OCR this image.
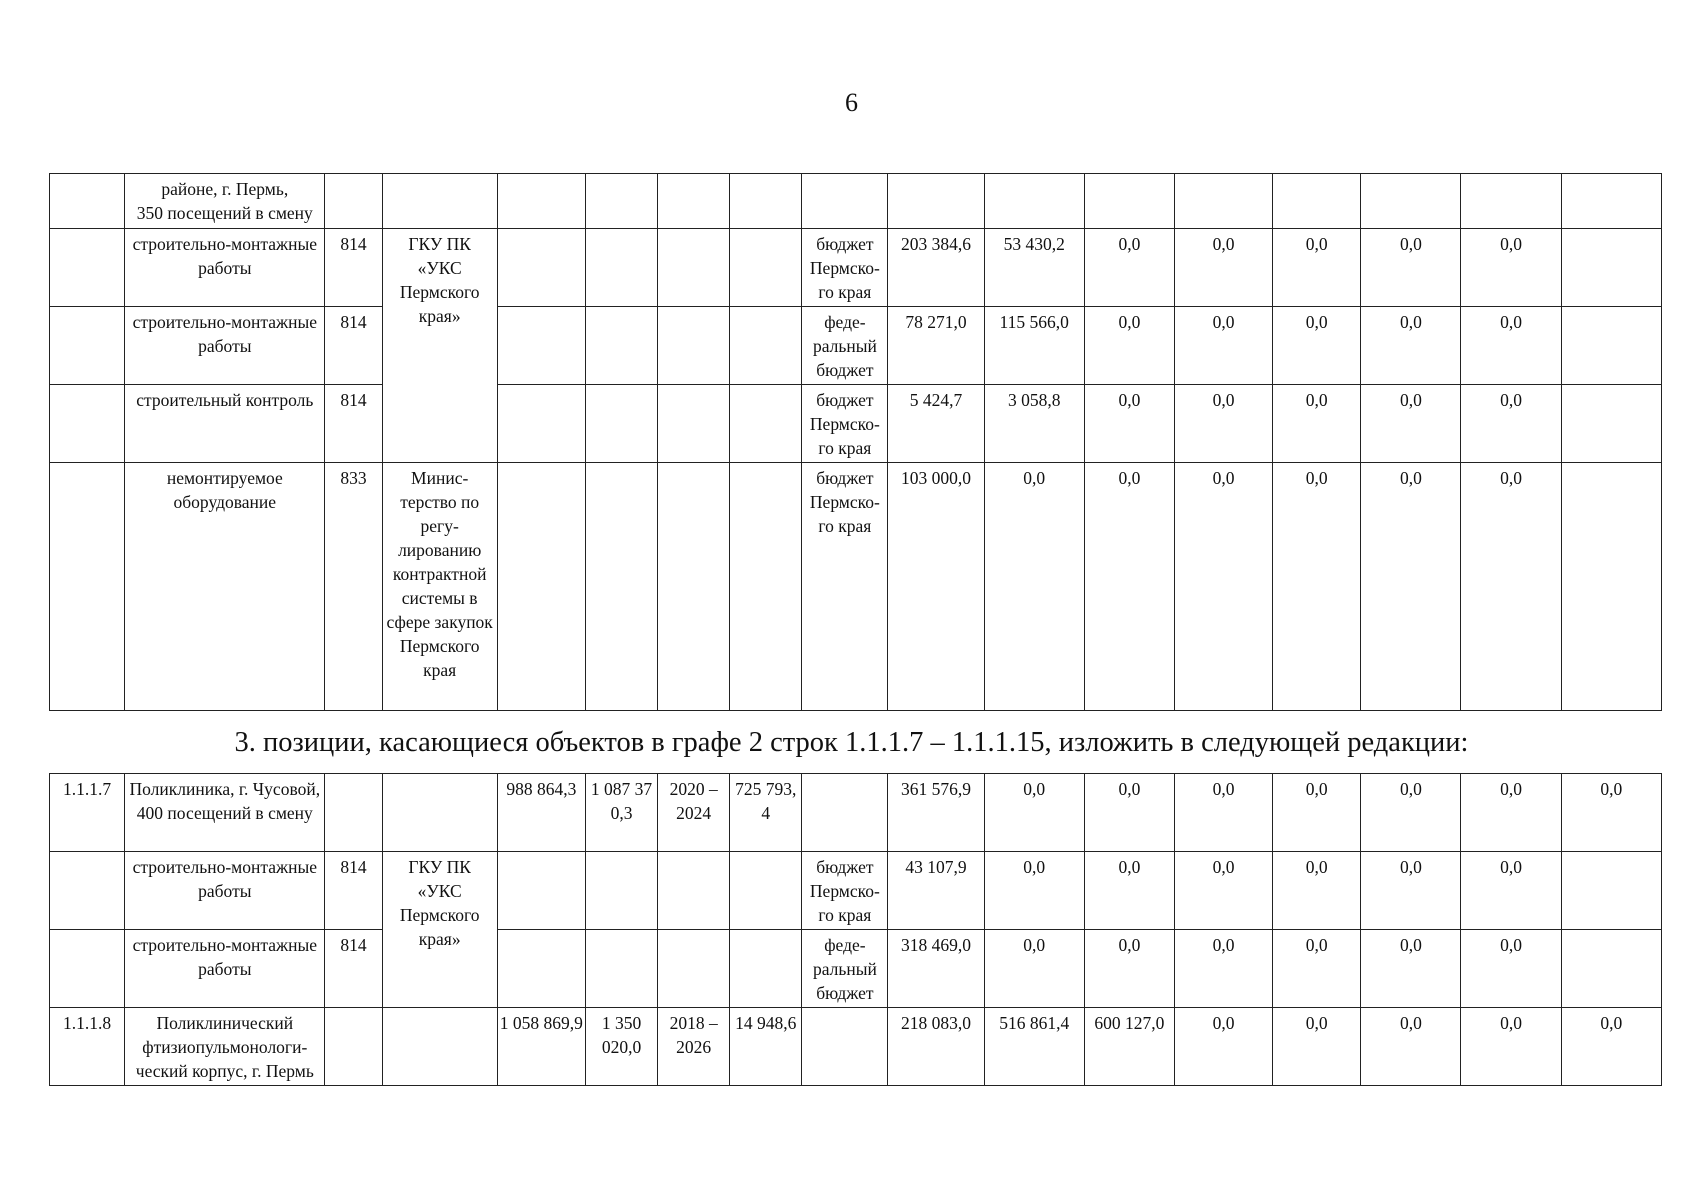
6
	районе, г. Пермь,
350 посещений в смену															
	строительно-монтажные работы	814	ГКУ ПК «УКС Пермского края»					бюджет Пермско-го края	203 384,6	53 430,2	0,0	0,0	0,0	0,0	0,0	
	строительно-монтажные работы	814						феде-ральный бюджет	78 271,0	115 566,0	0,0	0,0	0,0	0,0	0,0	
	строительный контроль	814						бюджет Пермско-го края	5 424,7	3 058,8	0,0	0,0	0,0	0,0	0,0	
	немонтируемое оборудование	833	Минис-терство по регу-лированию контрактной системы в сфере закупок Пермского края					бюджет Пермско-го края	103 000,0	0,0	0,0	0,0	0,0	0,0	0,0	
3. позиции, касающиеся объектов в графе 2 строк 1.1.1.7 – 1.1.1.15, изложить в следующей редакции:
1.1.1.7	Поликлиника, г. Чусовой, 400 посещений в смену			988 864,3	1 087 37 0,3	2020 – 2024	725 793, 4		361 576,9	0,0	0,0	0,0	0,0	0,0	0,0	0,0
	строительно-монтажные работы	814	ГКУ ПК «УКС Пермского края»					бюджет Пермско-го края	43 107,9	0,0	0,0	0,0	0,0	0,0	0,0	
	строительно-монтажные работы	814						феде-ральный бюджет	318 469,0	0,0	0,0	0,0	0,0	0,0	0,0	
1.1.1.8	Поликлинический фтизиопульмонологи-ческий корпус, г. Пермь			1 058 869,9	1 350 020,0	2018 – 2026	14 948,6		218 083,0	516 861,4	600 127,0	0,0	0,0	0,0	0,0	0,0
